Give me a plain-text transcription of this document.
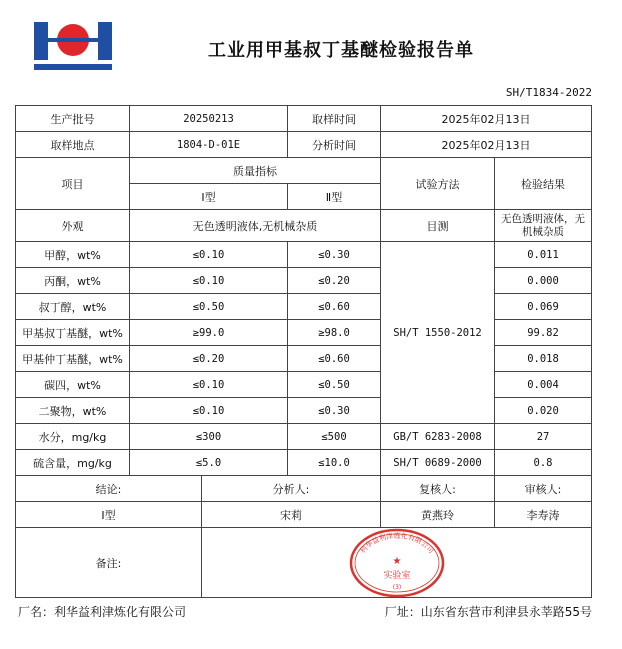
工业用甲基叔丁基醚检验报告单
SH/T1834-2022
生产批号	20250213		取样时间	2025年02月13日	
取样地点	1804-D-01E		分析时间	2025年02月13日	
项目	质量指标			试验方法	检验结果
	Ⅰ型		Ⅱ型		
外观	无色透明液体,无机械杂质			目测	无色透明液体，无机械杂质
甲醇，wt%	≤0.10		≤0.30	SH/T 1550-2012	0.011
丙酮，wt%	≤0.10		≤0.20		0.000
叔丁醇，wt%	≤0.50		≤0.60		0.069
甲基叔丁基醚，wt%	≥99.0		≥98.0		99.82
甲基仲丁基醚，wt%	≤0.20		≤0.60		0.018
碳四，wt%	≤0.10		≤0.50		0.004
二聚物，wt%	≤0.10		≤0.30		0.020
水分，mg/kg	≤300		≤500	GB/T 6283-2008	27
硫含量，mg/kg	≤5.0		≤10.0	SH/T 0689-2000	0.8
结论:		分析人:		复核人:	审核人:
Ⅰ型		宋莉		黄燕玲	李寿涛
备注:					
利华益利津炼化有限公司
★
实验室
(3)
厂名：利华益利津炼化有限公司	厂址：山东省东营市利津县永莘路55号
